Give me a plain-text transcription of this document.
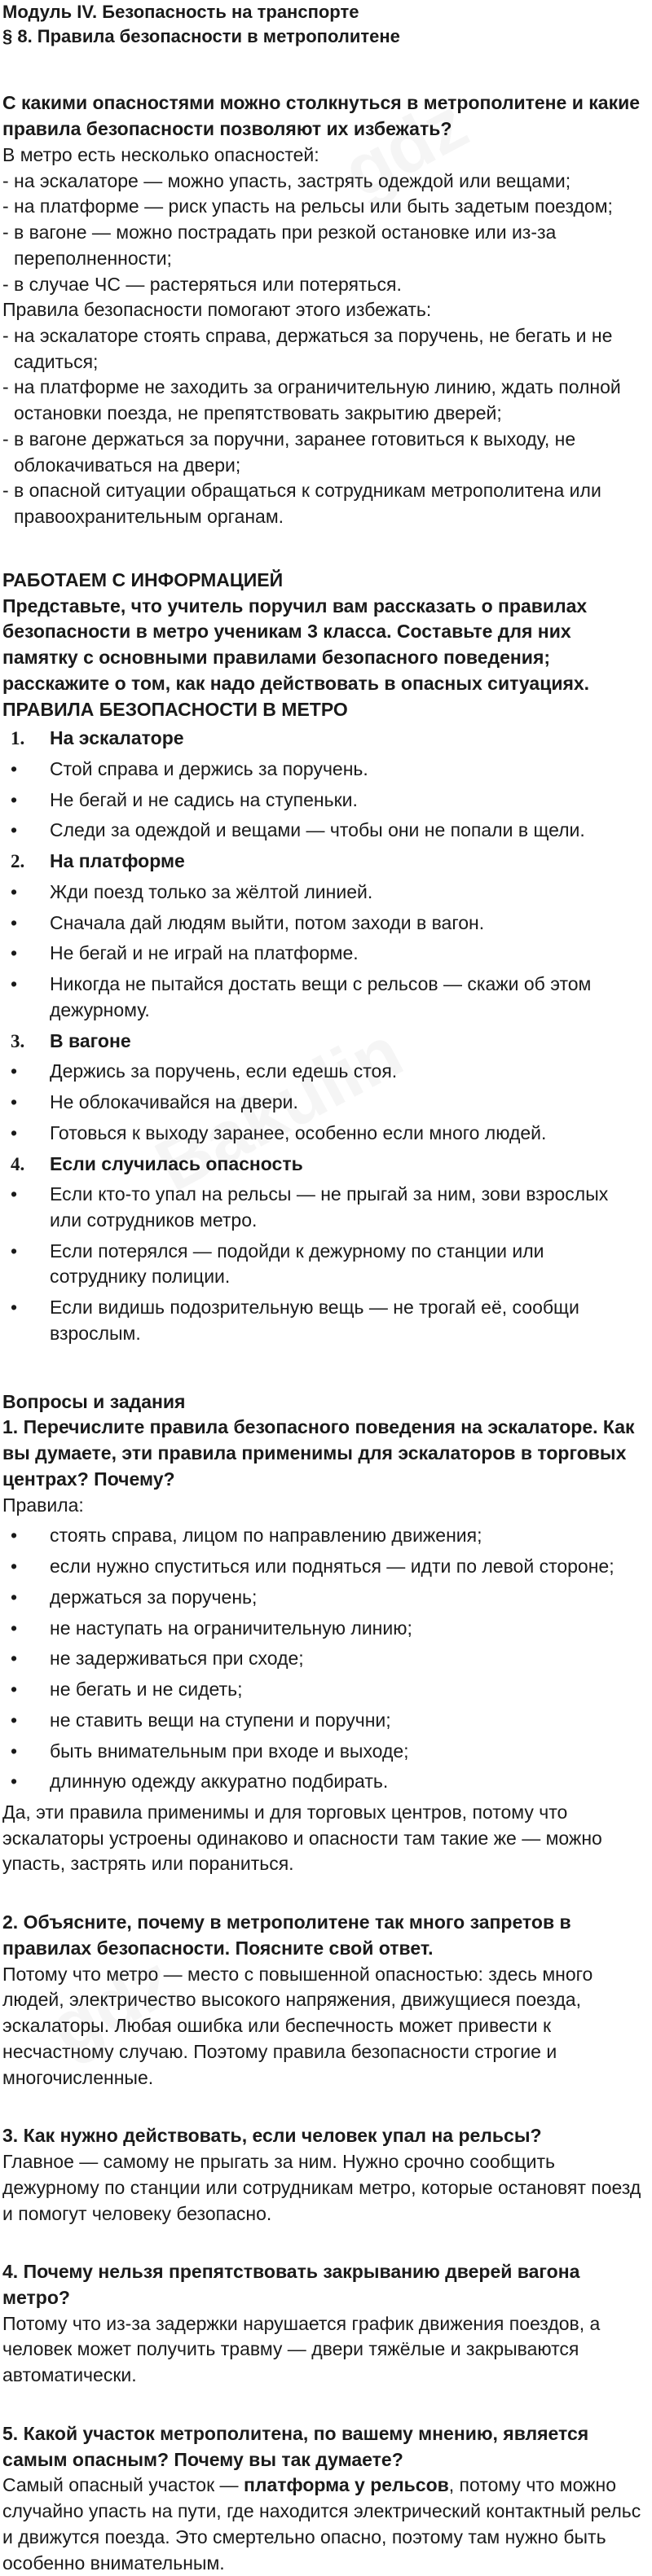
Модуль IV. Безопасность на транспорте
§ 8. Правила безопасности в метрополитене

С какими опасностями можно столкнуться в метрополитене и какие правила безопасности позволяют их избежать?

В метро есть несколько опасностей:

- на эскалаторе — можно упасть, застрять одеждой или вещами;
- на платформе — риск упасть на рельсы или быть задетым поездом;
- в вагоне — можно пострадать при резкой остановке или из-за переполненности;
- в случае ЧС — растеряться или потеряться.

Правила безопасности помогают этого избежать:

- на эскалаторе стоять справа, держаться за поручень, не бегать и не садиться;
- на платформе не заходить за ограничительную линию, ждать полной остановки поезда, не препятствовать закрытию дверей;
- в вагоне держаться за поручни, заранее готовиться к выходу, не облокачиваться на двери;
- в опасной ситуации обращаться к сотрудникам метрополитена или правоохранительным органам.

РАБОТАЕМ С ИНФОРМАЦИЕЙ

Представьте, что учитель поручил вам рассказать о правилах безопасности в метро ученикам 3 класса. Составьте для них памятку с основными правилами безопасного поведения; расскажите о том, как надо действовать в опасных ситуациях.

ПРАВИЛА БЕЗОПАСНОСТИ В МЕТРО

1.	На эскалаторе
• Стой справа и держись за поручень.
• Не бегай и не садись на ступеньки.
• Следи за одеждой и вещами — чтобы они не попали в щели.
2.	На платформе
• Жди поезд только за жёлтой линией.
• Сначала дай людям выйти, потом заходи в вагон.
• Не бегай и не играй на платформе.
• Никогда не пытайся достать вещи с рельсов — скажи об этом дежурному.
3.	В вагоне
• Держись за поручень, если едешь стоя.
• Не облокачивайся на двери.
• Готовься к выходу заранее, особенно если много людей.
4.	Если случилась опасность
• Если кто-то упал на рельсы — не прыгай за ним, зови взрослых или сотрудников метро.
• Если потерялся — подойди к дежурному по станции или сотруднику полиции.
• Если видишь подозрительную вещь — не трогай её, сообщи взрослым.

Вопросы и задания

1. Перечислите правила безопасного поведения на эскалаторе. Как вы думаете, эти правила применимы для эскалаторов в торговых центрах? Почему?

Правила:

• стоять справа, лицом по направлению движения;
• если нужно спуститься или подняться — идти по левой стороне;
• держаться за поручень;
• не наступать на ограничительную линию;
• не задерживаться при сходе;
• не бегать и не сидеть;
• не ставить вещи на ступени и поручни;
• быть внимательным при входе и выходе;
• длинную одежду аккуратно подбирать.

Да, эти правила применимы и для торговых центров, потому что эскалаторы устроены одинаково и опасности там такие же — можно упасть, застрять или пораниться.

2. Объясните, почему в метрополитене так много запретов в правилах безопасности. Поясните свой ответ.

Потому что метро — место с повышенной опасностью: здесь много людей, электричество высокого напряжения, движущиеся поезда, эскалаторы. Любая ошибка или беспечность может привести к несчастному случаю. Поэтому правила безопасности строгие и многочисленные.

3. Как нужно действовать, если человек упал на рельсы?

Главное — самому не прыгать за ним. Нужно срочно сообщить дежурному по станции или сотрудникам метро, которые остановят поезд и помогут человеку безопасно.

4. Почему нельзя препятствовать закрыванию дверей вагона метро?

Потому что из-за задержки нарушается график движения поездов, а человек может получить травму — двери тяжёлые и закрываются автоматически.

5. Какой участок метрополитена, по вашему мнению, является самым опасным? Почему вы так думаете?

Самый опасный участок — платформа у рельсов, потому что можно случайно упасть на пути, где находится электрический контактный рельс и движутся поезда. Это смертельно опасно, поэтому там нужно быть особенно внимательным.
